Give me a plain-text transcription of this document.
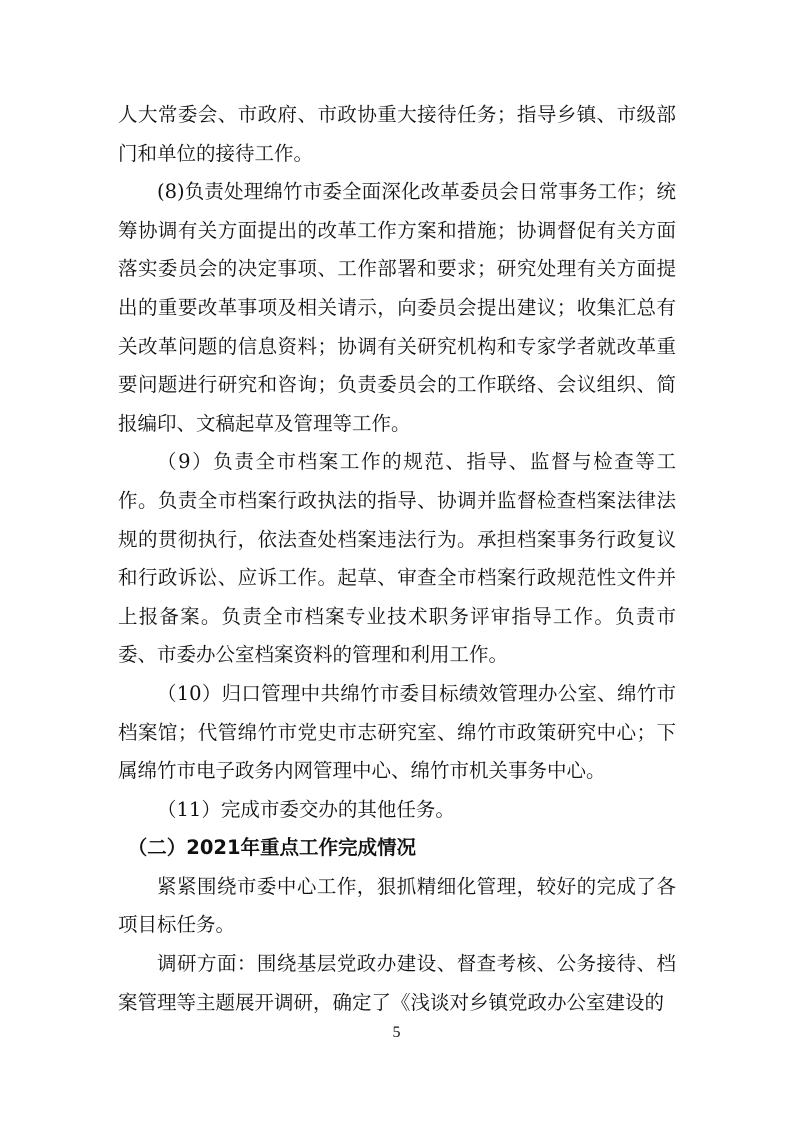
人大常委会、市政府、市政协重大接待任务；指导乡镇、市级部门和单位的接待工作。

(8)负责处理绵竹市委全面深化改革委员会日常事务工作；统筹协调有关方面提出的改革工作方案和措施；协调督促有关方面落实委员会的决定事项、工作部署和要求；研究处理有关方面提出的重要改革事项及相关请示，向委员会提出建议；收集汇总有关改革问题的信息资料；协调有关研究机构和专家学者就改革重要问题进行研究和咨询；负责委员会的工作联络、会议组织、简报编印、文稿起草及管理等工作。

（9）负责全市档案工作的规范、指导、监督与检查等工作。负责全市档案行政执法的指导、协调并监督检查档案法律法规的贯彻执行，依法查处档案违法行为。承担档案事务行政复议和行政诉讼、应诉工作。起草、审查全市档案行政规范性文件并上报备案。负责全市档案专业技术职务评审指导工作。负责市委、市委办公室档案资料的管理和利用工作。

（10）归口管理中共绵竹市委目标绩效管理办公室、绵竹市档案馆；代管绵竹市党史市志研究室、绵竹市政策研究中心；下属绵竹市电子政务内网管理中心、绵竹市机关事务中心。

（11）完成市委交办的其他任务。

（二）2021年重点工作完成情况

紧紧围绕市委中心工作，狠抓精细化管理，较好的完成了各项目标任务。

调研方面：围绕基层党政办建设、督查考核、公务接待、档案管理等主题展开调研，确定了《浅谈对乡镇党政办公室建设的

5
